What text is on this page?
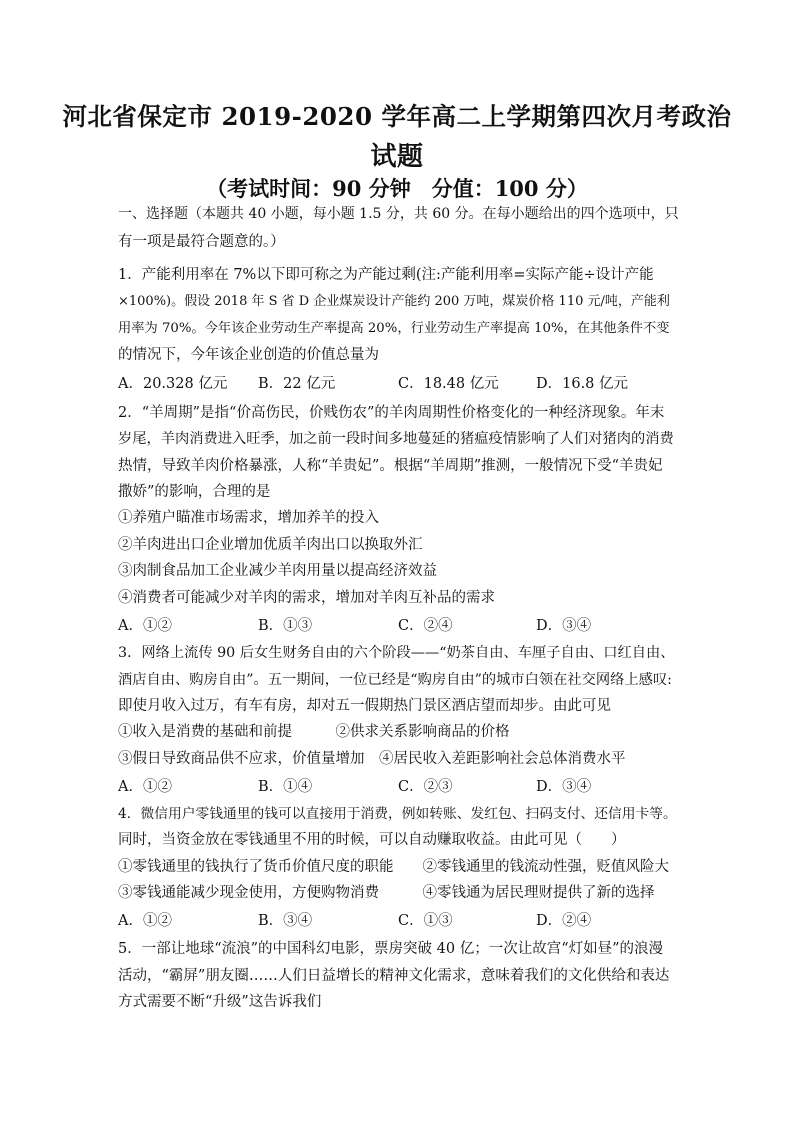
河北省保定市 2019-2020 学年高二上学期第四次月考政治
试题
（考试时间：90 分钟　分值：100 分）
一、选择题（本题共 40 小题，每小题 1.5 分，共 60 分。在每小题给出的四个选项中，只
有一项是最符合题意的。）
1．产能利用率在 7%以下即可称之为产能过剩(注:产能利用率=实际产能÷设计产能
×100%)。假设 2018 年 S 省 D 企业煤炭设计产能约 200 万吨，煤炭价格 110 元/吨，产能利
用率为 70%。今年该企业劳动生产率提高 20%，行业劳动生产率提高 10%，在其他条件不变
的情况下，今年该企业创造的价值总量为
A．20.328 亿元 B．22 亿元	C．18.48 亿元	D．16.8 亿元
2．“羊周期”是指“价高伤民，价贱伤农”的羊肉周期性价格变化的一种经济现象。年末
岁尾，羊肉消费进入旺季，加之前一段时间多地蔓延的猪瘟疫情影响了人们对猪肉的消费
热情，导致羊肉价格暴涨，人称“羊贵妃”。根据“羊周期”推测，一般情况下受“羊贵妃
撒娇”的影响，合理的是
①养殖户瞄准市场需求，增加养羊的投入
②羊肉进出口企业增加优质羊肉出口以换取外汇
③肉制食品加工企业减少羊肉用量以提高经济效益
④消费者可能减少对羊肉的需求，增加对羊肉互补品的需求
A．①②	B．①③	C．②④	D．③④
3．网络上流传 90 后女生财务自由的六个阶段——“奶茶自由、车厘子自由、口红自由、
酒店自由、购房自由”。五一期间，一位已经是“购房自由”的城市白领在社交网络上感叹:
即使月收入过万，有车有房，却对五一假期热门景区酒店望而却步。由此可见
①收入是消费的基础和前提　　　②供求关系影响商品的价格
③假日导致商品供不应求，价值量增加　④居民收入差距影响社会总体消费水平
A．①②	B．①④	C．②③	D．③④
4．微信用户零钱通里的钱可以直接用于消费，例如转账、发红包、扫码支付、还信用卡等。
同时，当资金放在零钱通里不用的时候，可以自动赚取收益。由此可见（　　）
①零钱通里的钱执行了货币价值尺度的职能　　②零钱通里的钱流动性强，贬值风险大
③零钱通能减少现金使用，方便购物消费　　　④零钱通为居民理财提供了新的选择
A．①②	B．③④	C．①③	D．②④
5．一部让地球“流浪”的中国科幻电影，票房突破 40 亿；一次让故宫“灯如昼”的浪漫
活动，“霸屏”朋友圈……人们日益增长的精神文化需求，意味着我们的文化供给和表达
方式需要不断“升级”这告诉我们
